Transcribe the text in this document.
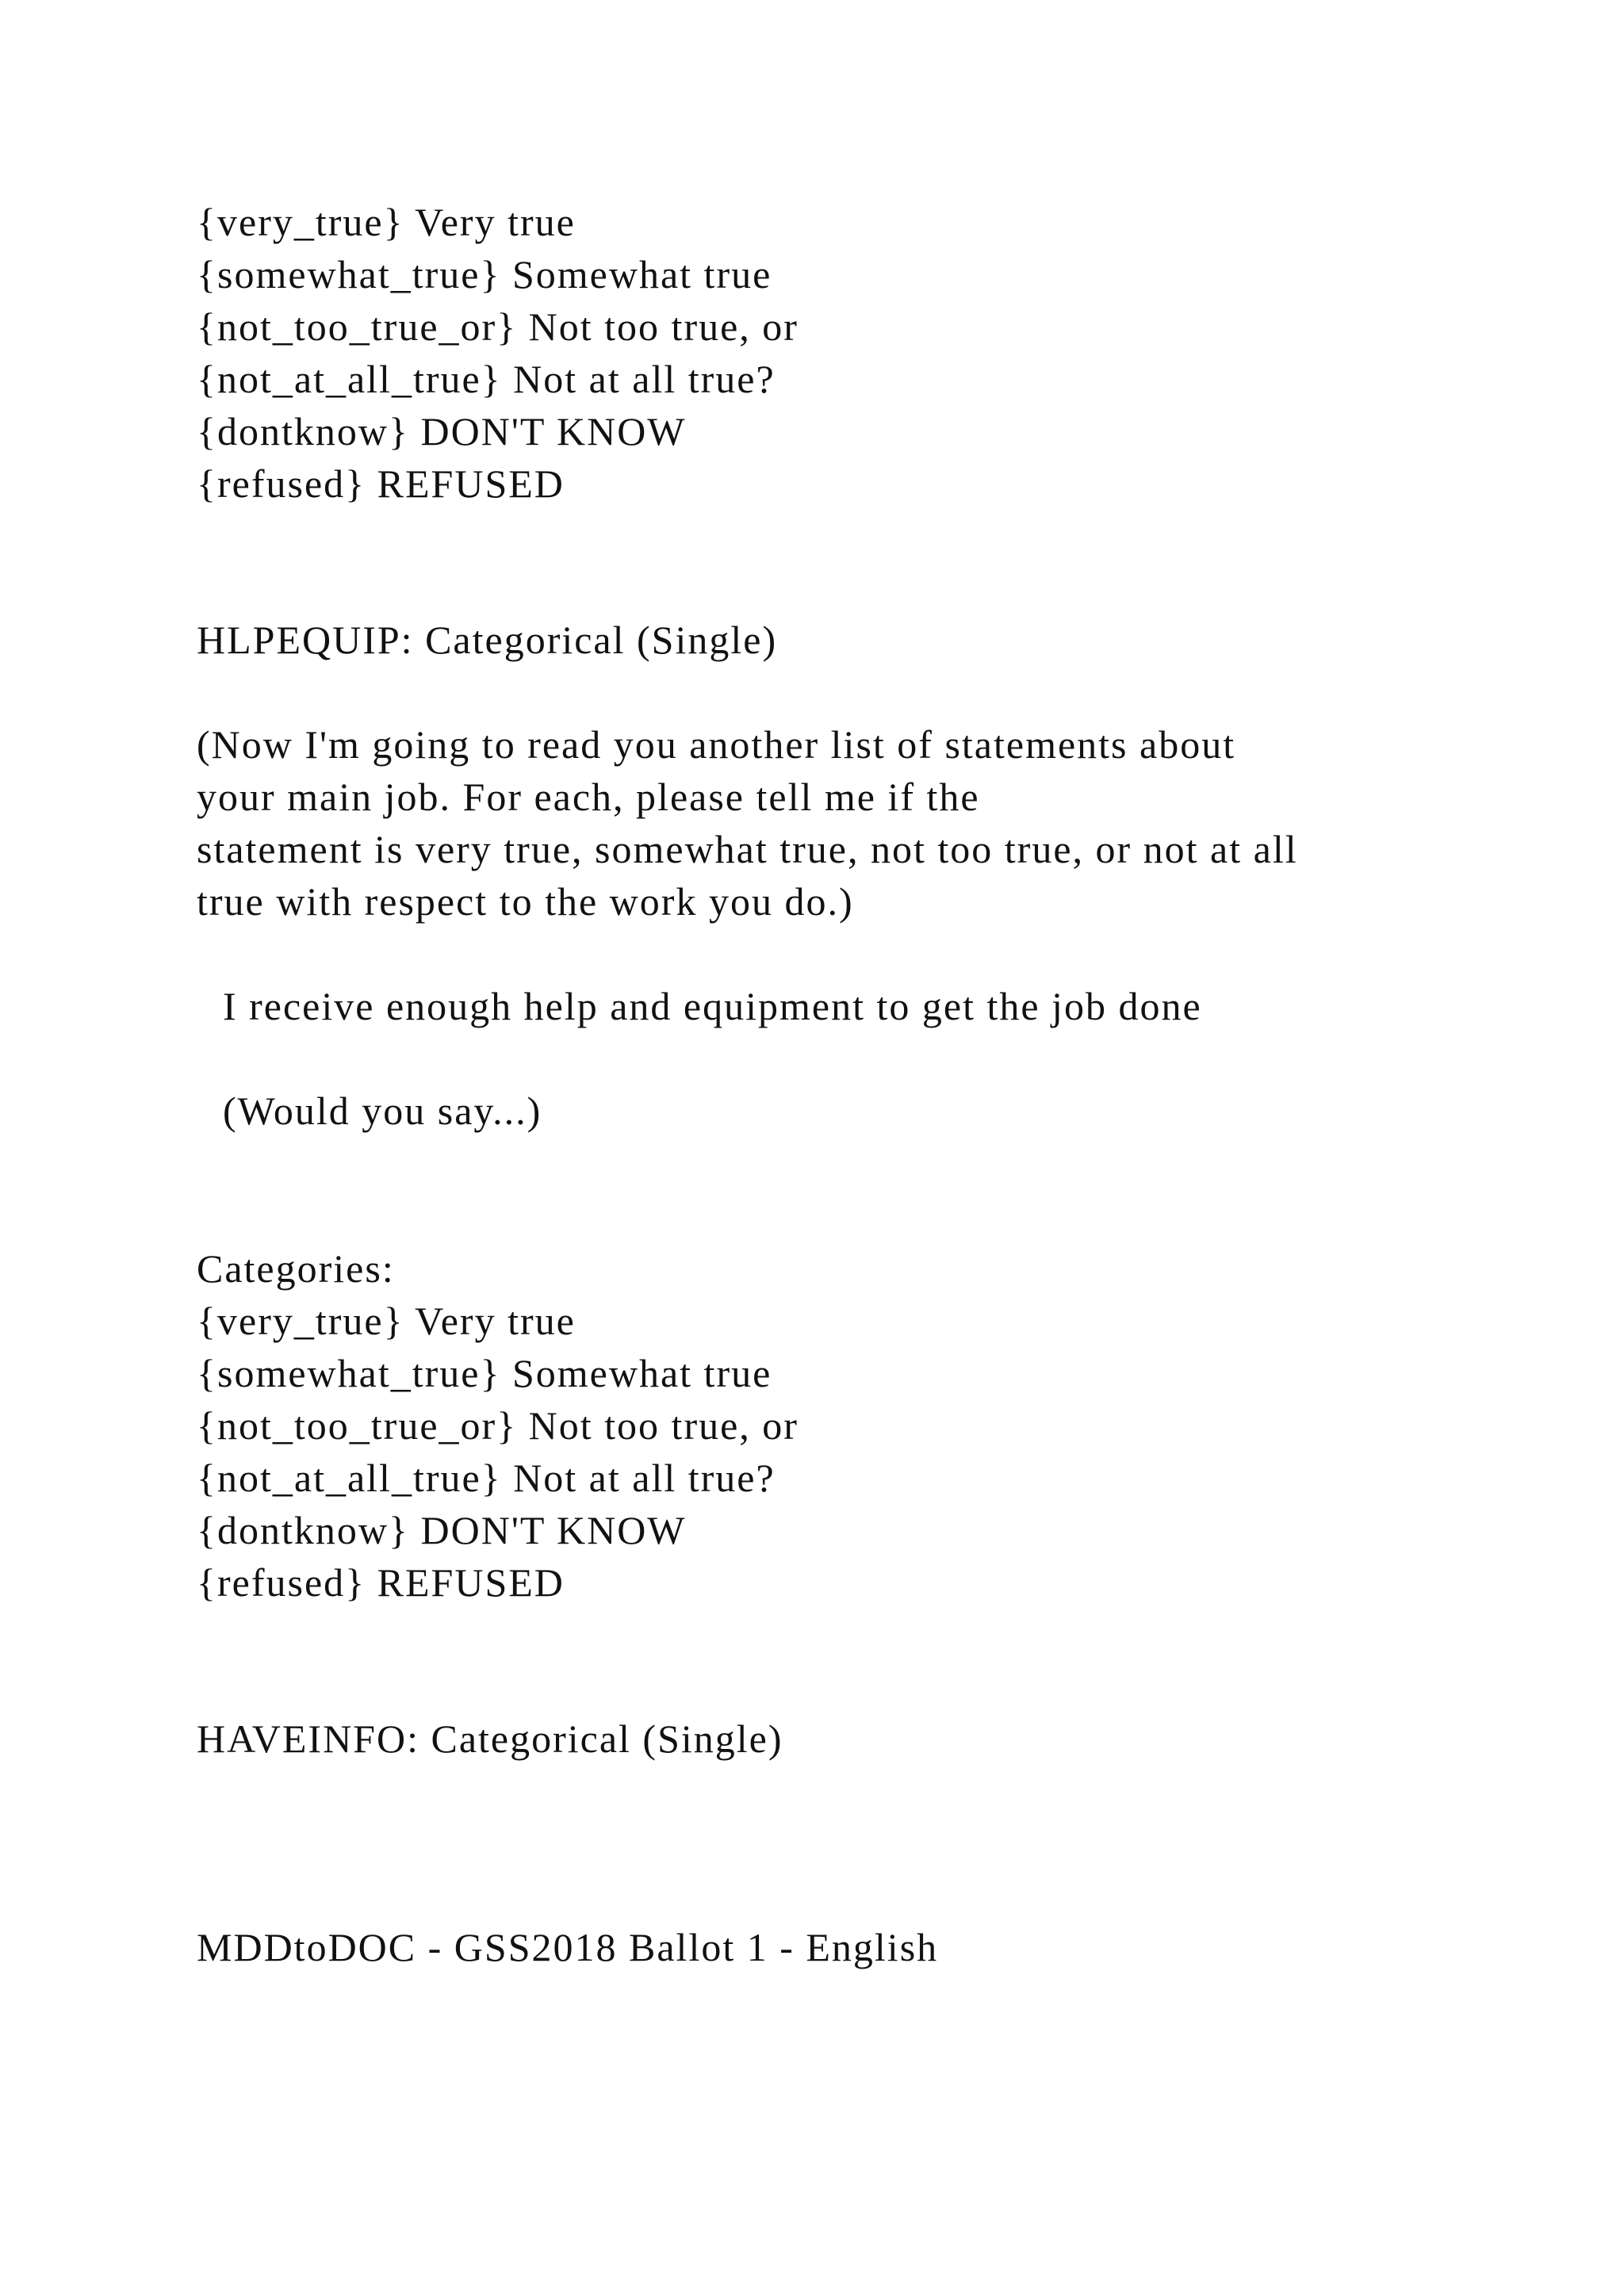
{very_true} Very true
{somewhat_true} Somewhat true
{not_too_true_or} Not too true, or
{not_at_all_true} Not at all true?
{dontknow} DON'T KNOW
{refused} REFUSED
HLPEQUIP: Categorical (Single)
(Now I'm going to read you another list of statements about
your main job. For each, please tell me if the
statement is very true, somewhat true, not too true, or not at all
true with respect to the work you do.)
I receive enough help and equipment to get the job done
(Would you say...)
Categories:
{very_true} Very true
{somewhat_true} Somewhat true
{not_too_true_or} Not too true, or
{not_at_all_true} Not at all true?
{dontknow} DON'T KNOW
{refused} REFUSED
HAVEINFO: Categorical (Single)
MDDtoDOC - GSS2018 Ballot 1 - English
